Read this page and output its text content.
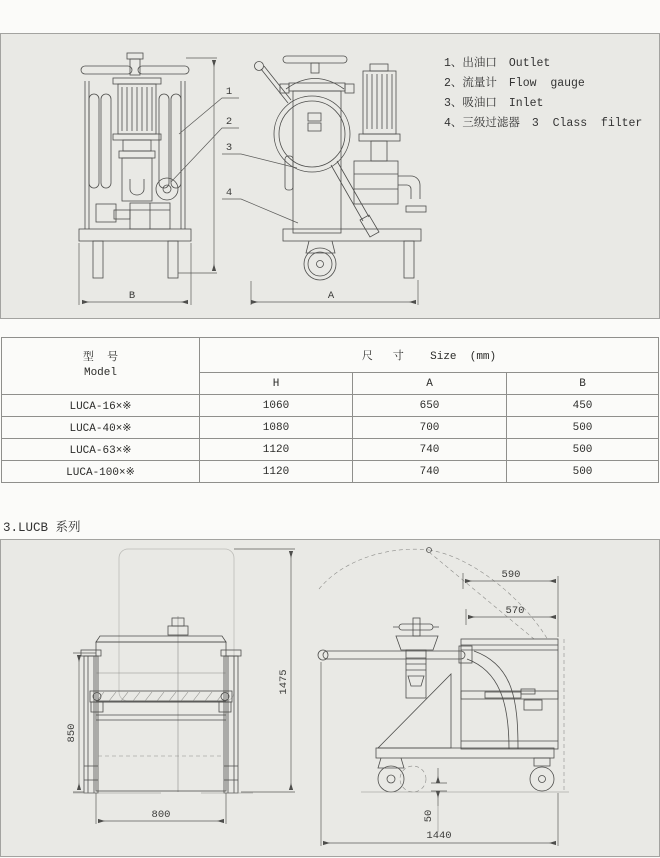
B	A
1
2
3
4
1、出油口 Outlet
2、流量计 Flow  gauge
3、吸油口 Inlet
4、三级过滤器 3  Class  filter
型  号
Model	尺   寸    Size  (mm)		
	H	A	B
LUCA-16×※	1060	650	450
LUCA-40×※	1080	700	500
LUCA-63×※	1120	740	500
LUCA-100×※	1120	740	500

3.LUCB 系列

850
800
1475
590
570
50
1440
